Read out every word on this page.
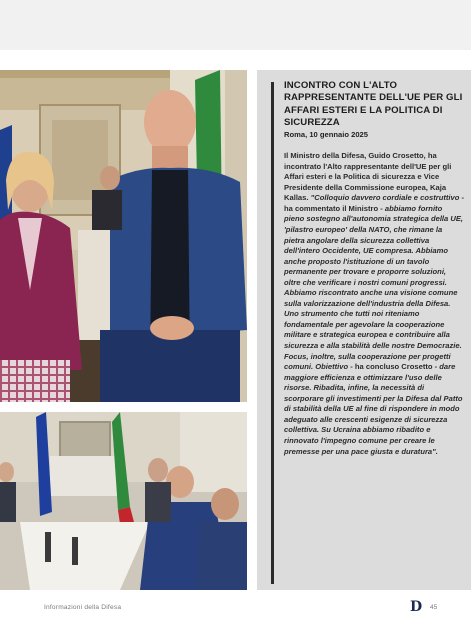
INCONTRO CON L'ALTO RAPPRESENTANTE DELL'UE PER GLI AFFARI ESTERI E LA POLITICA DI SICUREZZA
Roma, 10 gennaio 2025

Il Ministro della Difesa, Guido Crosetto, ha incontrato l'Alto rappresentante dell'UE per gli Affari esteri e la Politica di sicurezza e Vice Presidente della Commissione europea, Kaja Kallas. "Colloquio davvero cordiale e costruttivo - ha commentato il Ministro - abbiamo fornito pieno sostegno all'autonomia strategica della UE, 'pilastro europeo' della NATO, che rimane la pietra angolare della sicurezza collettiva dell'intero Occidente, UE compresa. Abbiamo anche proposto l'istituzione di un tavolo permanente per trovare e proporre soluzioni, oltre che verificare i nostri comuni progressi. Abbiamo riscontrato anche una visione comune sulla valorizzazione dell'industria della Difesa. Uno strumento che tutti noi riteniamo fondamentale per agevolare la cooperazione militare e strategica europea e contribuire alla sicurezza e alla stabilità delle nostre Democrazie. Focus, inoltre, sulla cooperazione per progetti comuni. Obiettivo - ha concluso Crosetto - dare maggiore efficienza e ottimizzare l'uso delle risorse. Ribadita, infine, la necessità di scorporare gli investimenti per la Difesa dal Patto di stabilità della UE al fine di rispondere in modo adeguato alle crescenti esigenze di sicurezza collettiva. Su Ucraina abbiamo ribadito e rinnovato l'impegno comune per creare le premesse per una pace giusta e duratura".

Informazioni della Difesa	D 45
